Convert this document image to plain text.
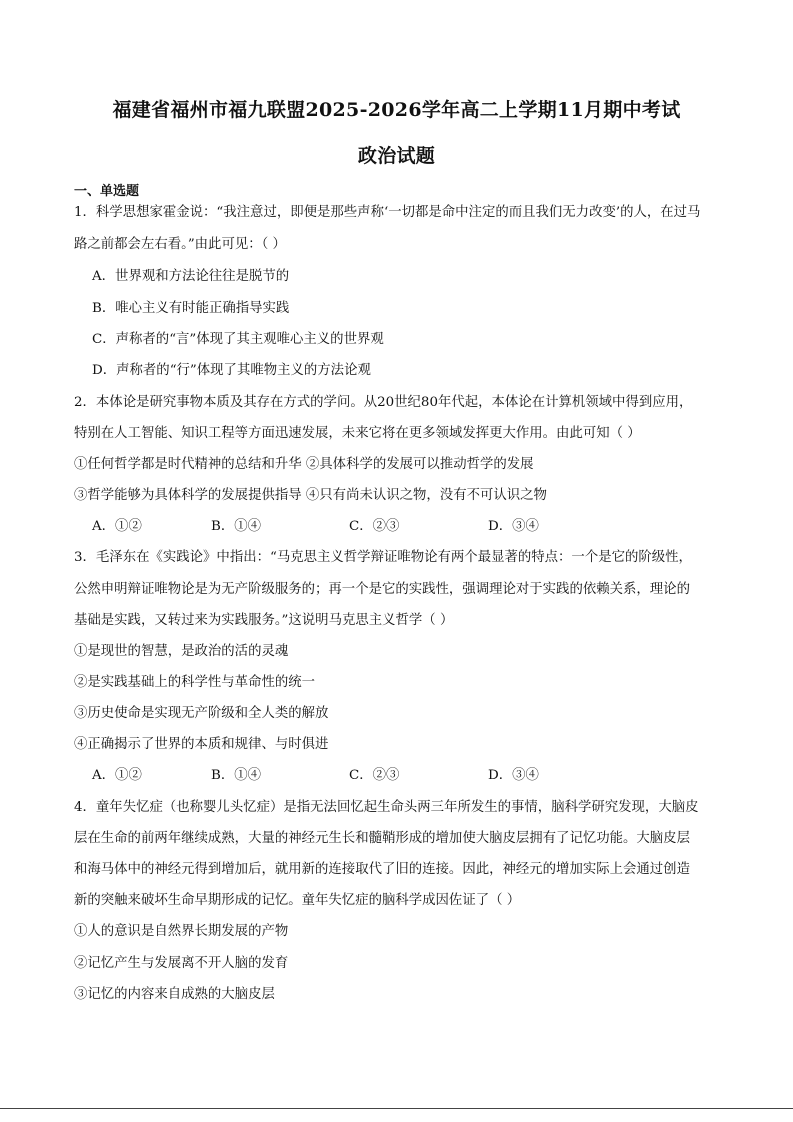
福建省福州市福九联盟2025-2026学年高二上学期11月期中考试
政治试题
一、单选题
1．科学思想家霍金说：“我注意过，即便是那些声称‘一切都是命中注定的而且我们无力改变’的人，在过马
路之前都会左右看。”由此可见：（ ）
A．世界观和方法论往往是脱节的
B．唯心主义有时能正确指导实践
C．声称者的“言”体现了其主观唯心主义的世界观
D．声称者的“行”体现了其唯物主义的方法论观
2．本体论是研究事物本质及其存在方式的学问。从20世纪80年代起，本体论在计算机领域中得到应用，
特别在人工智能、知识工程等方面迅速发展，未来它将在更多领域发挥更大作用。由此可知（ ）
①任何哲学都是时代精神的总结和升华 ②具体科学的发展可以推动哲学的发展
③哲学能够为具体科学的发展提供指导 ④只有尚未认识之物，没有不可认识之物
A．①②	B．①④	C．②③	D．③④
3．毛泽东在《实践论》中指出：“马克思主义哲学辩证唯物论有两个最显著的特点：一个是它的阶级性，
公然申明辩证唯物论是为无产阶级服务的；再一个是它的实践性，强调理论对于实践的依赖关系，理论的
基础是实践，又转过来为实践服务。”这说明马克思主义哲学（ ）
①是现世的智慧，是政治的活的灵魂
②是实践基础上的科学性与革命性的统一
③历史使命是实现无产阶级和全人类的解放
④正确揭示了世界的本质和规律、与时俱进
A．①②	B．①④	C．②③	D．③④
4．童年失忆症（也称婴儿头忆症）是指无法回忆起生命头两三年所发生的事情，脑科学研究发现，大脑皮
层在生命的前两年继续成熟，大量的神经元生长和髓鞘形成的增加使大脑皮层拥有了记忆功能。大脑皮层
和海马体中的神经元得到增加后，就用新的连接取代了旧的连接。因此，神经元的增加实际上会通过创造
新的突触来破坏生命早期形成的记忆。童年失忆症的脑科学成因佐证了（ ）
①人的意识是自然界长期发展的产物
②记忆产生与发展离不开人脑的发育
③记忆的内容来自成熟的大脑皮层
